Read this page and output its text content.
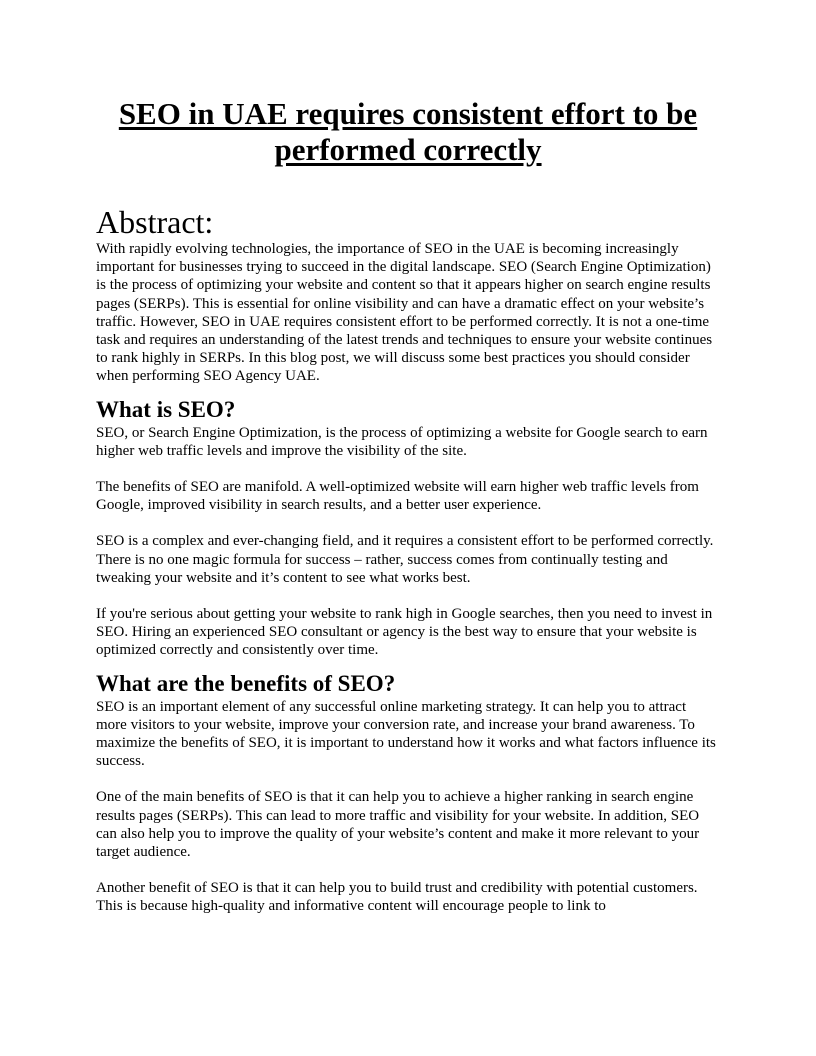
SEO in UAE requires consistent effort to be performed correctly
Abstract:

With rapidly evolving technologies, the importance of SEO in the UAE is becoming increasingly important for businesses trying to succeed in the digital landscape. SEO (Search Engine Optimization) is the process of optimizing your website and content so that it appears higher on search engine results pages (SERPs). This is essential for online visibility and can have a dramatic effect on your website’s traffic. However, SEO in UAE requires consistent effort to be performed correctly. It is not a one-time task and requires an understanding of the latest trends and techniques to ensure your website continues to rank highly in SERPs. In this blog post, we will discuss some best practices you should consider when performing SEO Agency UAE.

What is SEO?

SEO, or Search Engine Optimization, is the process of optimizing a website for Google search to earn higher web traffic levels and improve the visibility of the site.

The benefits of SEO are manifold. A well-optimized website will earn higher web traffic levels from Google, improved visibility in search results, and a better user experience.

SEO is a complex and ever-changing field, and it requires a consistent effort to be performed correctly. There is no one magic formula for success – rather, success comes from continually testing and tweaking your website and it’s content to see what works best.

If you're serious about getting your website to rank high in Google searches, then you need to invest in SEO. Hiring an experienced SEO consultant or agency is the best way to ensure that your website is optimized correctly and consistently over time.

What are the benefits of SEO?

SEO is an important element of any successful online marketing strategy. It can help you to attract more visitors to your website, improve your conversion rate, and increase your brand awareness. To maximize the benefits of SEO, it is important to understand how it works and what factors influence its success.

One of the main benefits of SEO is that it can help you to achieve a higher ranking in search engine results pages (SERPs). This can lead to more traffic and visibility for your website. In addition, SEO can also help you to improve the quality of your website’s content and make it more relevant to your target audience.

Another benefit of SEO is that it can help you to build trust and credibility with potential customers. This is because high-quality and informative content will encourage people to link to
